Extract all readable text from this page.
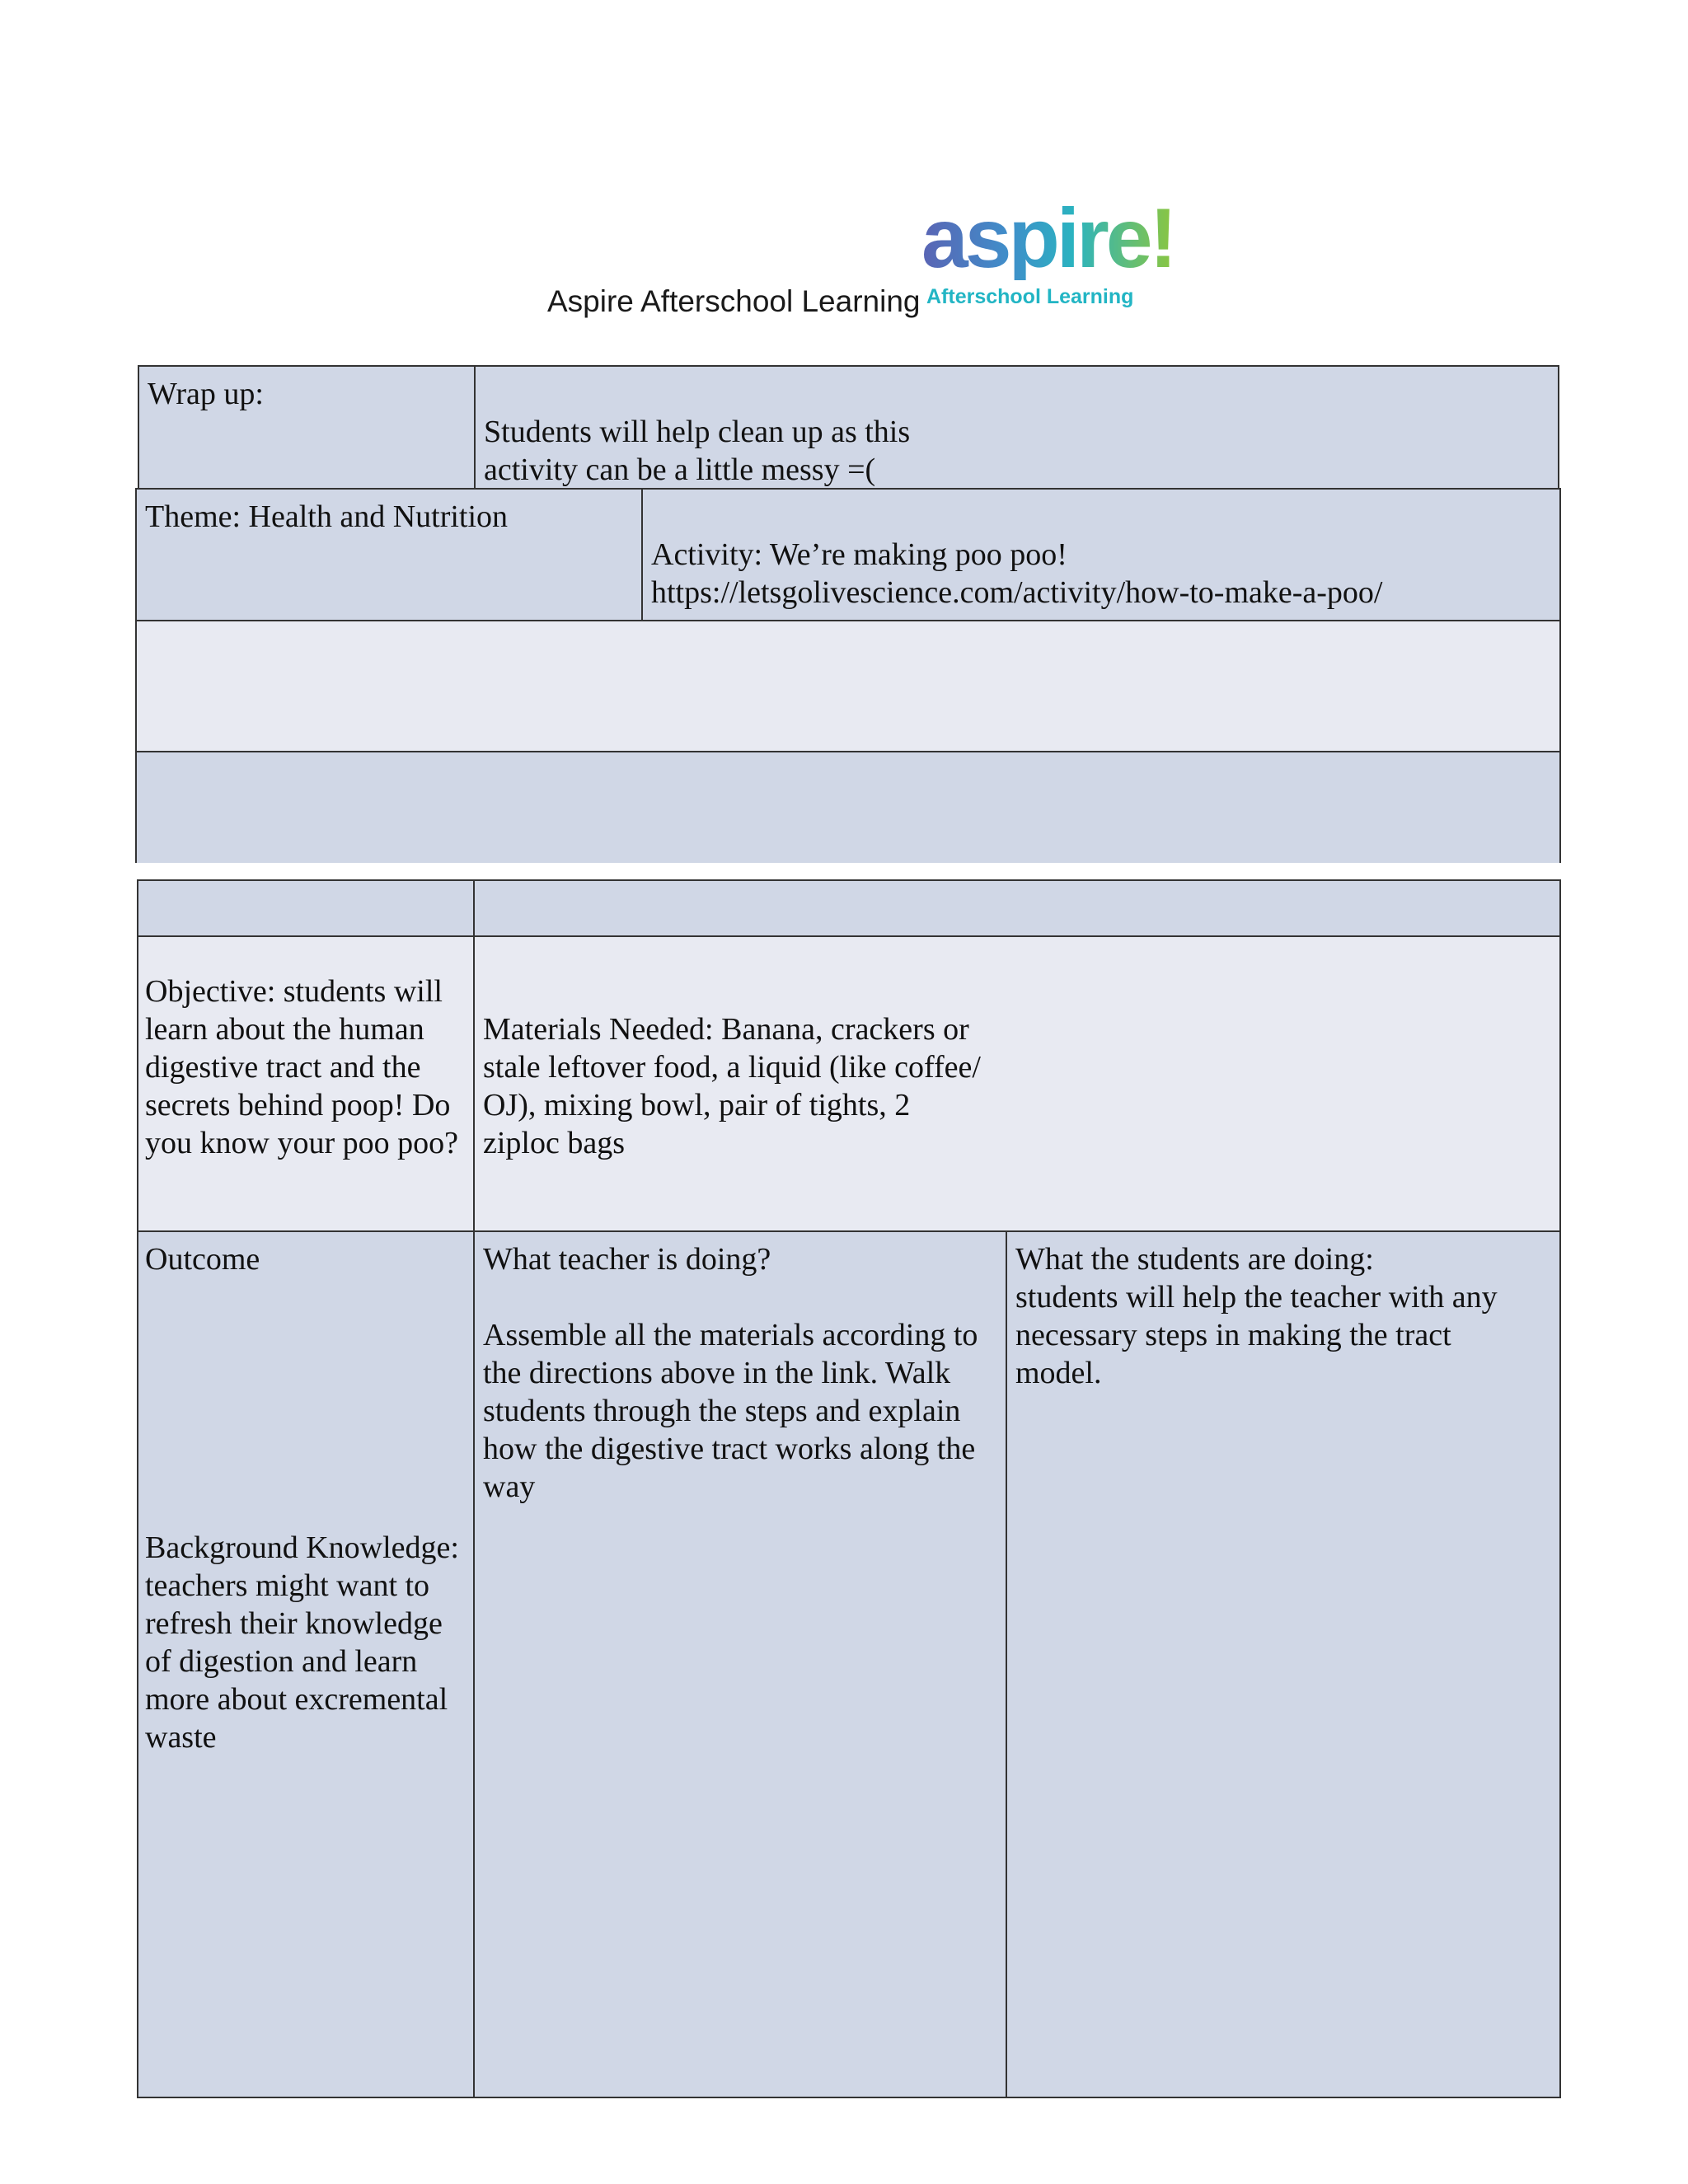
Aspire Afterschool Learning
aspire!
Afterschool Learning
Wrap up:

Students will help clean up as this
activity can be a little messy =(

Theme: Health and Nutrition

Activity: We’re making poo poo!
https://letsgolivescience.com/activity/how-to-make-a-poo/

Objective: students will learn about the human digestive tract and the secrets behind poop! Do you know your poo poo?
Materials Needed: Banana, crackers or stale leftover food, a liquid (like coffee/ OJ), mixing bowl, pair of tights, 2 ziploc bags
Outcome
Background Knowledge:
teachers might want to refresh their knowledge of digestion and learn more about excremental waste
What teacher is doing?
Assemble all the materials according to the directions above in the link. Walk students through the steps and explain how the digestive tract works along the way
What the students are doing:
students will help the teacher with any necessary steps in making the tract model.
